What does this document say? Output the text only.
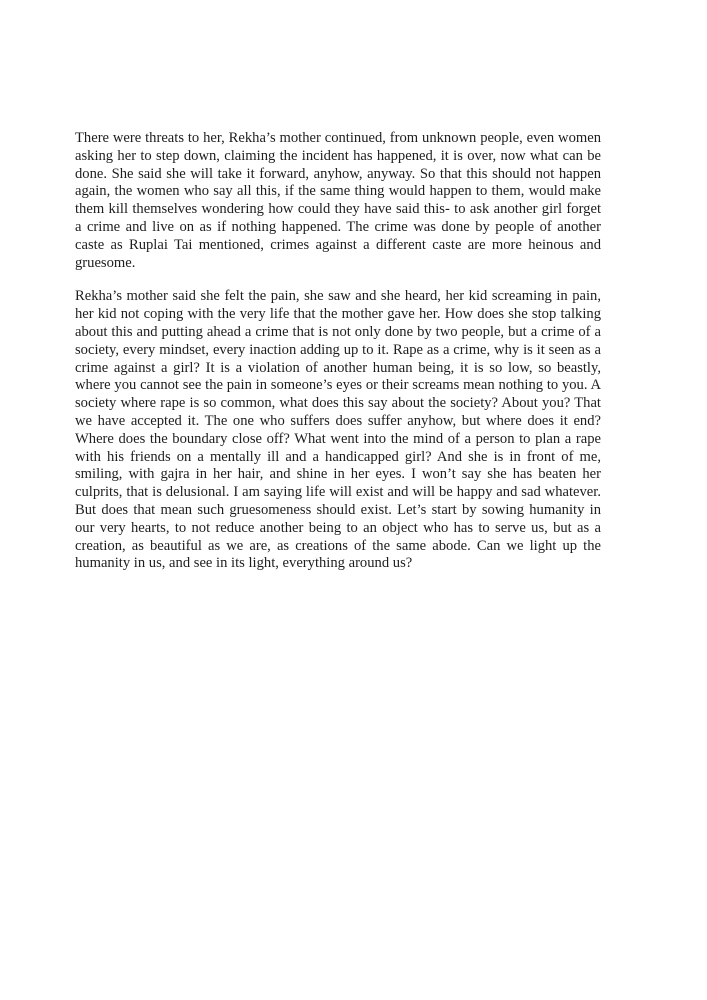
There were threats to her, Rekha’s mother continued, from unknown people, even women asking her to step down, claiming the incident has happened, it is over, now what can be done. She said she will take it forward, anyhow, anyway. So that this should not happen again, the women who say all this, if the same thing would happen to them, would make them kill themselves wondering how could they have said this- to ask another girl forget a crime and live on as if nothing happened. The crime was done by people of another caste as Ruplai Tai mentioned, crimes against a different caste are more heinous and gruesome.

Rekha’s mother said she felt the pain, she saw and she heard, her kid screaming in pain, her kid not coping with the very life that the mother gave her. How does she stop talking about this and putting ahead a crime that is not only done by two people, but a crime of a society, every mindset, every inaction adding up to it. Rape as a crime, why is it seen as a crime against a girl? It is a violation of another human being, it is so low, so beastly, where you cannot see the pain in someone’s eyes or their screams mean nothing to you. A society where rape is so common, what does this say about the society? About you? That we have accepted it. The one who suffers does suffer anyhow, but where does it end? Where does the boundary close off? What went into the mind of a person to plan a rape with his friends on a mentally ill and a handicapped girl? And she is in front of me, smiling, with gajra in her hair, and shine in her eyes. I won’t say she has beaten her culprits, that is delusional. I am saying life will exist and will be happy and sad whatever. But does that mean such gruesomeness should exist. Let’s start by sowing humanity in our very hearts, to not reduce another being to an object who has to serve us, but as a creation, as beautiful as we are, as creations of the same abode. Can we light up the humanity in us, and see in its light, everything around us?
